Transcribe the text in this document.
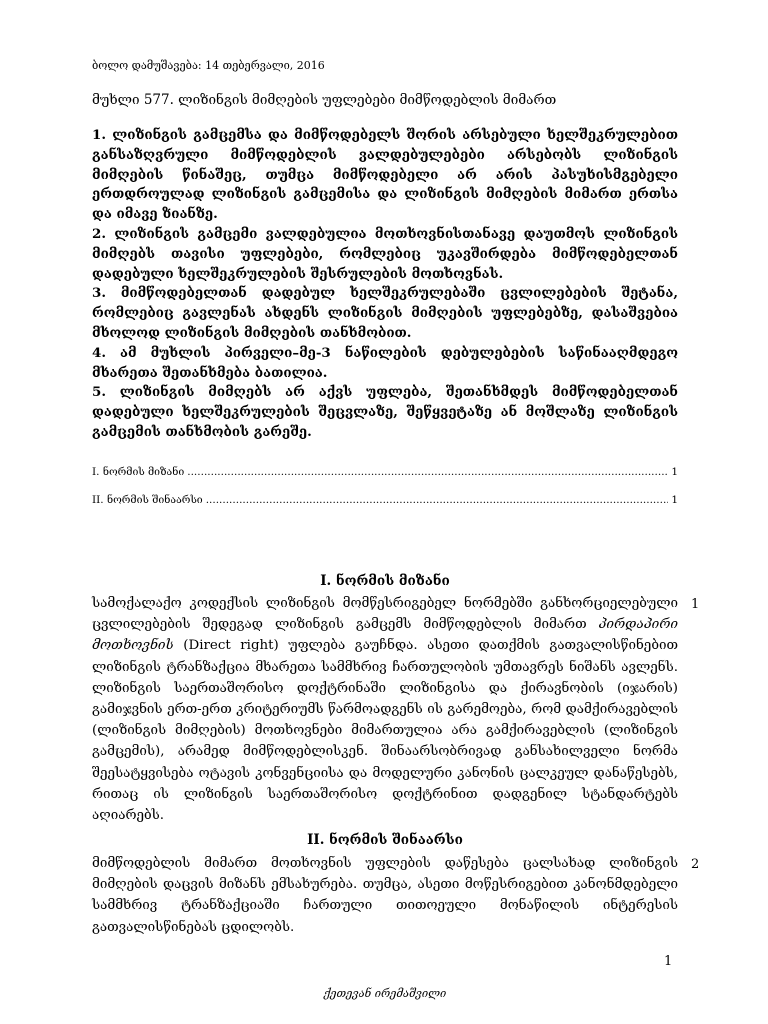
ბოლო დამუშავება: 14 თებერვალი, 2016
მუხლი 577. ლიზინგის მიმღების უფლებები მიმწოდებლის მიმართ

1. ლიზინგის გამცემსა და მიმწოდებელს შორის არსებული ხელშეკრულებით განსაზღვრული მიმწოდებლის ვალდებულებები არსებობს ლიზინგის მიმღების წინაშეც, თუმცა მიმწოდებელი არ არის პასუხისმგებელი ერთდროულად ლიზინგის გამცემისა და ლიზინგის მიმღების მიმართ ერთსა და იმავე ზიანზე.

2. ლიზინგის გამცემი ვალდებულია მოთხოვნისთანავე დაუთმოს ლიზინგის მიმღებს თავისი უფლებები, რომლებიც უკავშირდება მიმწოდებელთან დადებული ხელშეკრულების შესრულების მოთხოვნას.

3. მიმწოდებელთან დადებულ ხელშეკრულებაში ცვლილებების შეტანა, რომლებიც გავლენას ახდენს ლიზინგის მიმღების უფლებებზე, დასაშვებია მხოლოდ ლიზინგის მიმღების თანხმობით.

4. ამ მუხლის პირველი–მე-3 ნაწილების დებულებების საწინააღმდეგო მხარეთა შეთანხმება ბათილია.

5. ლიზინგის მიმღებს არ აქვს უფლება, შეთანხმდეს მიმწოდებელთან დადებული ხელშეკრულების შეცვლაზე, შეწყვეტაზე ან მოშლაზე ლიზინგის გამცემის თანხმობის გარეშე.

I. ნორმის მიზანი .....	1
II. ნორმის შინაარსი .....	1
I. ნორმის მიზანი
1

სამოქალაქო კოდექსის ლიზინგის მომწესრიგებელ ნორმებში განხორციელებული ცვლილებების შედეგად ლიზინგის გამცემს მიმწოდებლის მიმართ პირდაპირი მოთხოვნის (Direct right) უფლება გაუჩნდა. ასეთი დათქმის გათვალისწინებით ლიზინგის ტრანზაქცია მხარეთა სამმხრივ ჩართულობის უმთავრეს ნიშანს ავლენს. ლიზინგის საერთაშორისო დოქტრინაში ლიზინგისა და ქირავნობის (იჯარის) გამიჯვნის ერთ-ერთ კრიტერიუმს წარმოადგენს ის გარემოება, რომ დამქირავებლის (ლიზინგის მიმღების) მოთხოვნები მიმართულია არა გამქირავებლის (ლიზინგის გამცემის), არამედ მიმწოდებლისკენ. შინაარსობრივად განსახილველი ნორმა შეესატყვისება ოტავის კონვენციისა და მოდელური კანონის ცალკეულ დანაწესებს, რითაც ის ლიზინგის საერთაშორისო დოქტრინით დადგენილ სტანდარტებს აღიარებს.

II. ნორმის შინაარსი
2

მიმწოდებლის მიმართ მოთხოვნის უფლების დაწესება ცალსახად ლიზინგის მიმღების დაცვის მიზანს ემსახურება. თუმცა, ასეთი მოწესრიგებით კანონმდებელი სამმხრივ ტრანზაქციაში ჩართული თითოეული მონაწილის ინტერესის გათვალისწინებას ცდილობს.

1
ქეთევან ირემაშვილი
